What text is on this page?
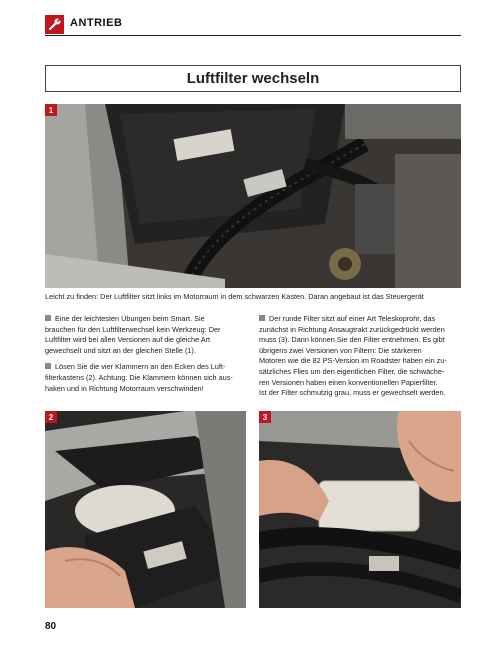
ANTRIEB
Luftfilter wechseln
1
Leicht zu finden: Der Luftfilter sitzt links im Motorraum in dem schwarzen Kasten. Daran angebaut ist das Steuergerät

Eine der leichtesten Übungen beim Smart. Sie
brauchen für den Luftfilterwechsel kein Werkzeug: Der
Luftfilter wird bei allen Versionen auf die gleiche Art
gewechselt und sitzt an der gleichen Stelle (1).

Lösen Sie die vier Klammern an den Ecken des Luft-
filterkastens (2). Achtung: Die Klammern können sich aus-
haken und in Richtung Motorraum verschwinden!

Der runde Filter sitzt auf einer Art Teleskoprohr, das
zunächst in Richtung Ansaugtrakt zurückgedrückt werden
muss (3). Dann können Sie den Filter entnehmen. Es gibt
übrigens zwei Versionen von Filtern: Die stärkeren
Motoren wie die 82 PS-Version im Roadster haben ein zu-
sätzliches Flies um den eigentlichen Filter, die schwäche-
ren Versionen haben einen konventionellen Papierfilter.
Ist der Filter schmutzig grau, muss er gewechselt werden.

2	3
80
